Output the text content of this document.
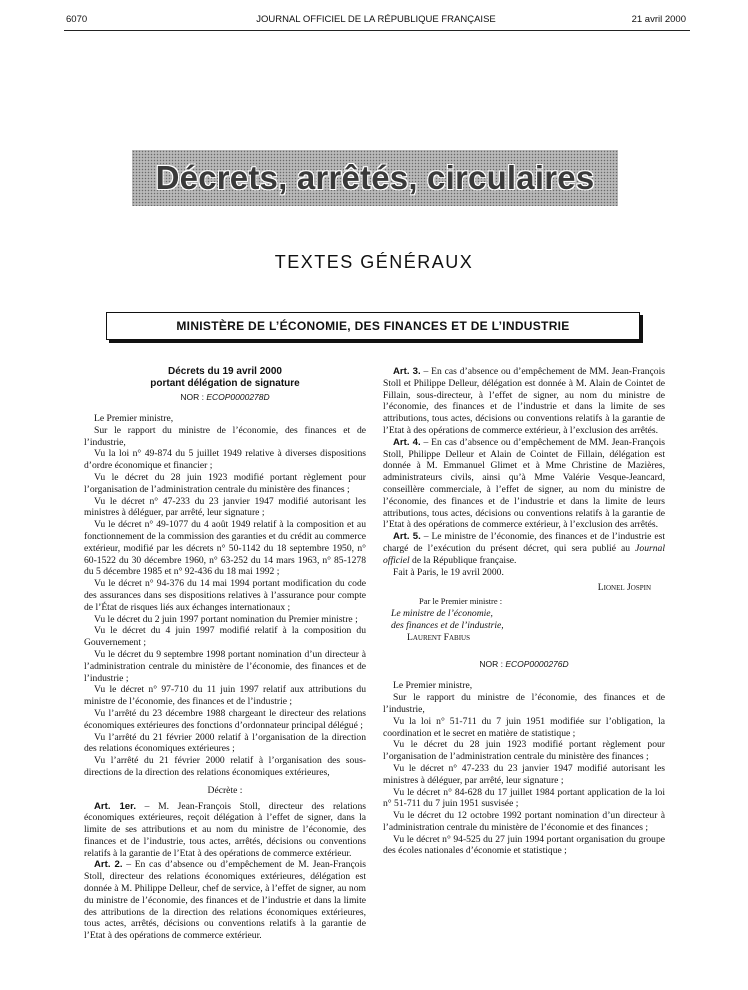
6070	JOURNAL OFFICIEL DE LA RÉPUBLIQUE FRANÇAISE	21 avril 2000
Décrets, arrêtés, circulaires
TEXTES GÉNÉRAUX
MINISTÈRE DE L’ÉCONOMIE, DES FINANCES ET DE L’INDUSTRIE
Décrets du 19 avril 2000
portant délégation de signature
NOR : ECOP0000278D

Le Premier ministre,

Sur le rapport du ministre de l’économie, des finances et de l’industrie,

Vu la loi n° 49-874 du 5 juillet 1949 relative à diverses dispositions d’ordre économique et financier ;

Vu le décret du 28 juin 1923 modifié portant règlement pour l’organisation de l’administration centrale du ministère des finances ;

Vu le décret n° 47-233 du 23 janvier 1947 modifié autorisant les ministres à déléguer, par arrêté, leur signature ;

Vu le décret n° 49-1077 du 4 août 1949 relatif à la composition et au fonctionnement de la commission des garanties et du crédit au commerce extérieur, modifié par les décrets n° 50-1142 du 18 septembre 1950, n° 60-1522 du 30 décembre 1960, n° 63-252 du 14 mars 1963, n° 85-1278 du 5 décembre 1985 et n° 92-436 du 18 mai 1992 ;

Vu le décret n° 94-376 du 14 mai 1994 portant modification du code des assurances dans ses dispositions relatives à l’assurance pour compte de l’État de risques liés aux échanges internationaux ;

Vu le décret du 2 juin 1997 portant nomination du Premier ministre ;

Vu le décret du 4 juin 1997 modifié relatif à la composition du Gouvernement ;

Vu le décret du 9 septembre 1998 portant nomination d’un directeur à l’administration centrale du ministère de l’économie, des finances et de l’industrie ;

Vu le décret n° 97-710 du 11 juin 1997 relatif aux attributions du ministre de l’économie, des finances et de l’industrie ;

Vu l’arrêté du 23 décembre 1988 chargeant le directeur des relations économiques extérieures des fonctions d’ordonnateur principal délégué ;

Vu l’arrêté du 21 février 2000 relatif à l’organisation de la direction des relations économiques extérieures ;

Vu l’arrêté du 21 février 2000 relatif à l’organisation des sous-directions de la direction des relations économiques extérieures,

Décrète :

Art. 1er. – M. Jean-François Stoll, directeur des relations économiques extérieures, reçoit délégation à l’effet de signer, dans la limite de ses attributions et au nom du ministre de l’économie, des finances et de l’industrie, tous actes, arrêtés, décisions ou conventions relatifs à la garantie de l’Etat à des opérations de commerce extérieur.

Art. 2. – En cas d’absence ou d’empêchement de M. Jean-François Stoll, directeur des relations économiques extérieures, délégation est donnée à M. Philippe Delleur, chef de service, à l’effet de signer, au nom du ministre de l’économie, des finances et de l’industrie et dans la limite des attributions de la direction des relations économiques extérieures, tous actes, arrêtés, décisions ou conventions relatifs à la garantie de l’Etat à des opérations de commerce extérieur.

Art. 3. – En cas d’absence ou d’empêchement de MM. Jean-François Stoll et Philippe Delleur, délégation est donnée à M. Alain de Cointet de Fillain, sous-directeur, à l’effet de signer, au nom du ministre de l’économie, des finances et de l’industrie et dans la limite de ses attributions, tous actes, décisions ou conventions relatifs à la garantie de l’Etat à des opérations de commerce extérieur, à l’exclusion des arrêtés.

Art. 4. – En cas d’absence ou d’empêchement de MM. Jean-François Stoll, Philippe Delleur et Alain de Cointet de Fillain, délégation est donnée à M. Emmanuel Glimet et à Mme Christine de Mazières, administrateurs civils, ainsi qu’à Mme Valérie Vesque-Jeancard, conseillère commerciale, à l’effet de signer, au nom du ministre de l’économie, des finances et de l’industrie et dans la limite de leurs attributions, tous actes, décisions ou conventions relatifs à la garantie de l’Etat à des opérations de commerce extérieur, à l’exclusion des arrêtés.

Art. 5. – Le ministre de l’économie, des finances et de l’industrie est chargé de l’exécution du présent décret, qui sera publié au Journal officiel de la République française.

Fait à Paris, le 19 avril 2000.

Lionel Jospin
Par le Premier ministre :
Le ministre de l’économie,
des finances et de l’industrie,
Laurent Fabius
NOR : ECOP0000276D

Le Premier ministre,

Sur le rapport du ministre de l’économie, des finances et de l’industrie,

Vu la loi n° 51-711 du 7 juin 1951 modifiée sur l’obligation, la coordination et le secret en matière de statistique ;

Vu le décret du 28 juin 1923 modifié portant règlement pour l’organisation de l’administration centrale du ministère des finances ;

Vu le décret n° 47-233 du 23 janvier 1947 modifié autorisant les ministres à déléguer, par arrêté, leur signature ;

Vu le décret n° 84-628 du 17 juillet 1984 portant application de la loi n° 51-711 du 7 juin 1951 susvisée ;

Vu le décret du 12 octobre 1992 portant nomination d’un directeur à l’administration centrale du ministère de l’économie et des finances ;

Vu le décret n° 94-525 du 27 juin 1994 portant organisation du groupe des écoles nationales d’économie et statistique ;
